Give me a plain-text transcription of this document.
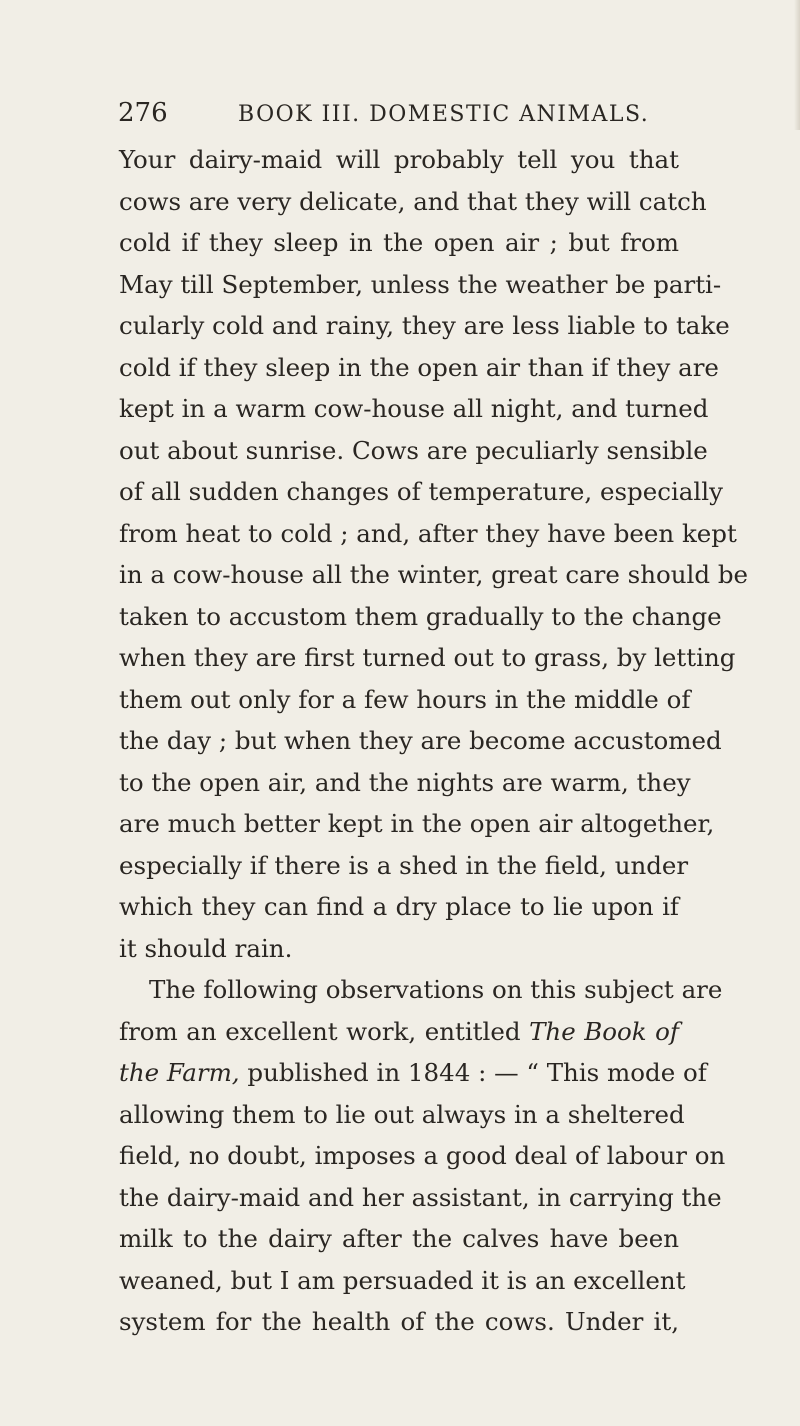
276	BOOK III. DOMESTIC ANIMALS.
Your dairy-maid will probably tell you that
cows are very delicate, and that they will catch
cold if they sleep in the open air ; but from
May till September, unless the weather be parti-
cularly cold and rainy, they are less liable to take
cold if they sleep in the open air than if they are
kept in a warm cow-house all night, and turned
out about sunrise. Cows are peculiarly sensible
of all sudden changes of temperature, especially
from heat to cold ; and, after they have been kept
in a cow-house all the winter, great care should be
taken to accustom them gradually to the change
when they are first turned out to grass, by letting
them out only for a few hours in the middle of
the day ; but when they are become accustomed
to the open air, and the nights are warm, they
are much better kept in the open air altogether,
especially if there is a shed in the field, under
which they can find a dry place to lie upon if
it should rain.
The following observations on this subject are
from an excellent work, entitled The Book of
the Farm, published in 1844 : — “ This mode of
allowing them to lie out always in a sheltered
field, no doubt, imposes a good deal of labour on
the dairy-maid and her assistant, in carrying the
milk to the dairy after the calves have been
weaned, but I am persuaded it is an excellent
system for the health of the cows. Under it,
